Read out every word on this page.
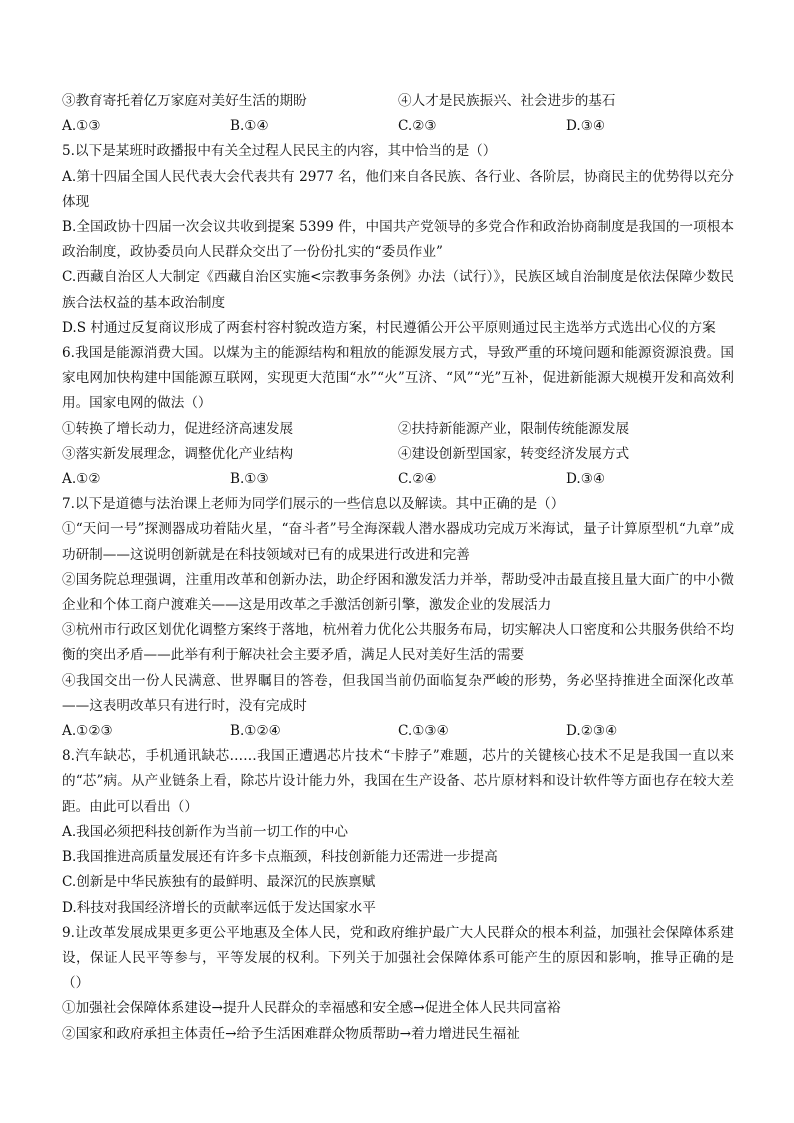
③教育寄托着亿万家庭对美好生活的期盼	④人才是民族振兴、社会进步的基石
A.①③	B.①④	C.②③	D.③④
5.以下是某班时政播报中有关全过程人民民主的内容，其中恰当的是（）
A.第十四届全国人民代表大会代表共有 2977 名，他们来自各民族、各行业、各阶层，协商民主的优势得以充分体现
B.全国政协十四届一次会议共收到提案 5399 件，中国共产党领导的多党合作和政治协商制度是我国的一项根本政治制度，政协委员向人民群众交出了一份份扎实的“委员作业”
C.西藏自治区人大制定《西藏自治区实施<宗教事务条例》办法（试行）》，民族区域自治制度是依法保障少数民族合法权益的基本政治制度
D.S 村通过反复商议形成了两套村容村貌改造方案，村民遵循公开公平原则通过民主选举方式选出心仪的方案
6.我国是能源消费大国。以煤为主的能源结构和粗放的能源发展方式，导致严重的环境问题和能源资源浪费。国家电网加快构建中国能源互联网，实现更大范围“水”“火”互济、“风”“光”互补，促进新能源大规模开发和高效利用。国家电网的做法（）
①转换了增长动力，促进经济高速发展	②扶持新能源产业，限制传统能源发展
③落实新发展理念，调整优化产业结构	④建设创新型国家，转变经济发展方式
A.①②	B.①③	C.②④	D.③④
7.以下是道德与法治课上老师为同学们展示的一些信息以及解读。其中正确的是（）
①“天问一号”探测器成功着陆火星，“奋斗者”号全海深载人潜水器成功完成万米海试，量子计算原型机“九章”成功研制——这说明创新就是在科技领域对已有的成果进行改进和完善
②国务院总理强调，注重用改革和创新办法，助企纾困和激发活力并举，帮助受冲击最直接且量大面广的中小微企业和个体工商户渡难关——这是用改革之手激活创新引擎，激发企业的发展活力
③杭州市行政区划优化调整方案终于落地，杭州着力优化公共服务布局，切实解决人口密度和公共服务供给不均衡的突出矛盾——此举有利于解决社会主要矛盾，满足人民对美好生活的需要
④我国交出一份人民满意、世界瞩目的答卷，但我国当前仍面临复杂严峻的形势，务必坚持推进全面深化改革——这表明改革只有进行时，没有完成时
A.①②③	B.①②④	C.①③④	D.②③④
8.汽车缺芯，手机通讯缺芯……我国正遭遇芯片技术“卡脖子”难题，芯片的关键核心技术不足是我国一直以来的“芯”病。从产业链条上看，除芯片设计能力外，我国在生产设备、芯片原材料和设计软件等方面也存在较大差距。由此可以看出（）
A.我国必须把科技创新作为当前一切工作的中心
B.我国推进高质量发展还有许多卡点瓶颈，科技创新能力还需进一步提高
C.创新是中华民族独有的最鲜明、最深沉的民族禀赋
D.科技对我国经济增长的贡献率远低于发达国家水平
9.让改革发展成果更多更公平地惠及全体人民，党和政府维护最广大人民群众的根本利益，加强社会保障体系建设，保证人民平等参与，平等发展的权利。下列关于加强社会保障体系可能产生的原因和影响，推导正确的是（）
①加强社会保障体系建设→提升人民群众的幸福感和安全感→促进全体人民共同富裕
②国家和政府承担主体责任→给予生活困难群众物质帮助→着力增进民生福祉
